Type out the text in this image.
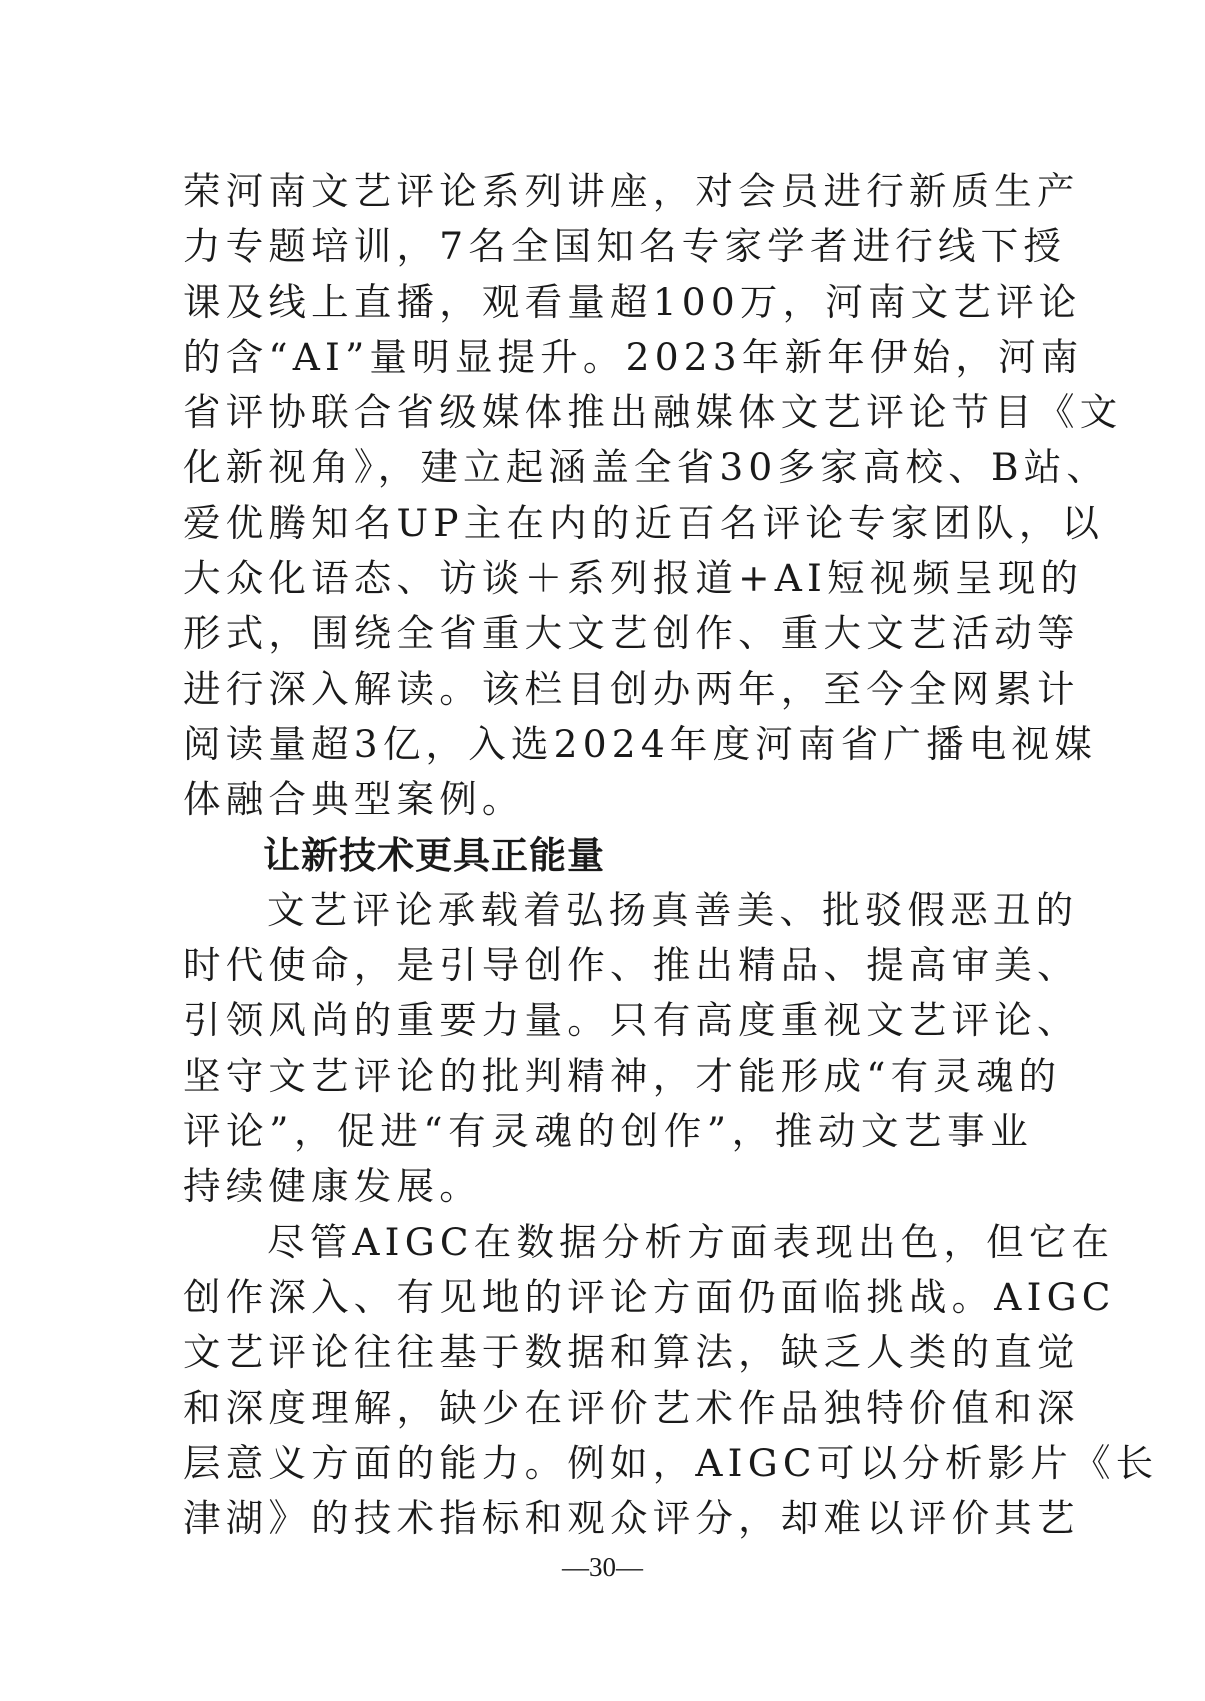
荣河南文艺评论系列讲座，对会员进行新质生产
力专题培训，7名全国知名专家学者进行线下授
课及线上直播，观看量超100万，河南文艺评论
的含“AI”量明显提升。2023年新年伊始，河南
省评协联合省级媒体推出融媒体文艺评论节目《文
化新视角》，建立起涵盖全省30多家高校、B站、
爱优腾知名UP主在内的近百名评论专家团队，以
大众化语态、访谈＋系列报道+AI短视频呈现的
形式，围绕全省重大文艺创作、重大文艺活动等
进行深入解读。该栏目创办两年，至今全网累计
阅读量超3亿，入选2024年度河南省广播电视媒
体融合典型案例。
让新技术更具正能量
文艺评论承载着弘扬真善美、批驳假恶丑的
时代使命，是引导创作、推出精品、提高审美、
引领风尚的重要力量。只有高度重视文艺评论、
坚守文艺评论的批判精神，才能形成“有灵魂的
评论”，促进“有灵魂的创作”，推动文艺事业
持续健康发展。
尽管AIGC在数据分析方面表现出色，但它在
创作深入、有见地的评论方面仍面临挑战。AIGC
文艺评论往往基于数据和算法，缺乏人类的直觉
和深度理解，缺少在评价艺术作品独特价值和深
层意义方面的能力。例如，AIGC可以分析影片《长
津湖》的技术指标和观众评分，却难以评价其艺
—30—
